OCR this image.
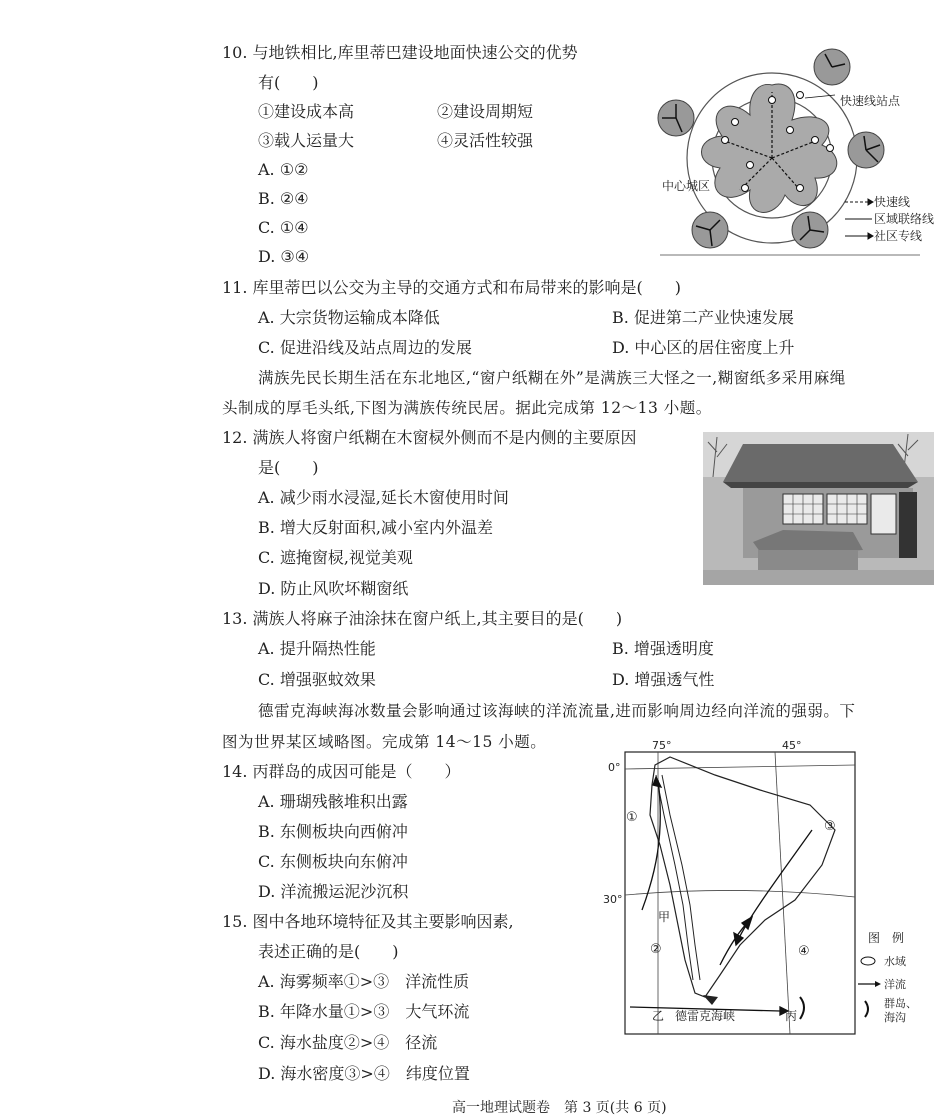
10. 与地铁相比,库里蒂巴建设地面快速公交的优势
有(　　)
①建设成本高	②建设周期短
③载人运量大	④灵活性较强
A. ①②
B. ②④
C. ①④
D. ③④
快速线站点
中心城区
快速线
区域联络线
社区专线
11. 库里蒂巴以公交为主导的交通方式和布局带来的影响是(　　)
A. 大宗货物运输成本降低	B. 促进第二产业快速发展
C. 促进沿线及站点周边的发展	D. 中心区的居住密度上升
满族先民长期生活在东北地区,“窗户纸糊在外”是满族三大怪之一,糊窗纸多采用麻绳
头制成的厚毛头纸,下图为满族传统民居。据此完成第 12～13 小题。
12. 满族人将窗户纸糊在木窗棂外侧而不是内侧的主要原因
是(　　)
A. 减少雨水浸湿,延长木窗使用时间
B. 增大反射面积,减小室内外温差
C. 遮掩窗棂,视觉美观
D. 防止风吹坏糊窗纸
13. 满族人将麻子油涂抹在窗户纸上,其主要目的是(　　)
A. 提升隔热性能	B. 增强透明度
C. 增强驱蚊效果	D. 增强透气性
德雷克海峡海冰数量会影响通过该海峡的洋流流量,进而影响周边经向洋流的强弱。下
图为世界某区域略图。完成第 14～15 小题。
14. 丙群岛的成因可能是（　　）
A. 珊瑚残骸堆积出露
B. 东侧板块向西俯冲
C. 东侧板块向东俯冲
D. 洋流搬运泥沙沉积
15. 图中各地环境特征及其主要影响因素,
表述正确的是(　　)
A. 海雾频率①>③　洋流性质
B. 年降水量①>③　大气环流
C. 海水盐度②>④　径流
D. 海水密度③>④　纬度位置
75°	45°
0°
30°
①
③
②	④
甲
乙	丙
德雷克海峡
图　例
水域
洋流
群岛、
海沟
高一地理试题卷　第 3 页(共 6 页)
